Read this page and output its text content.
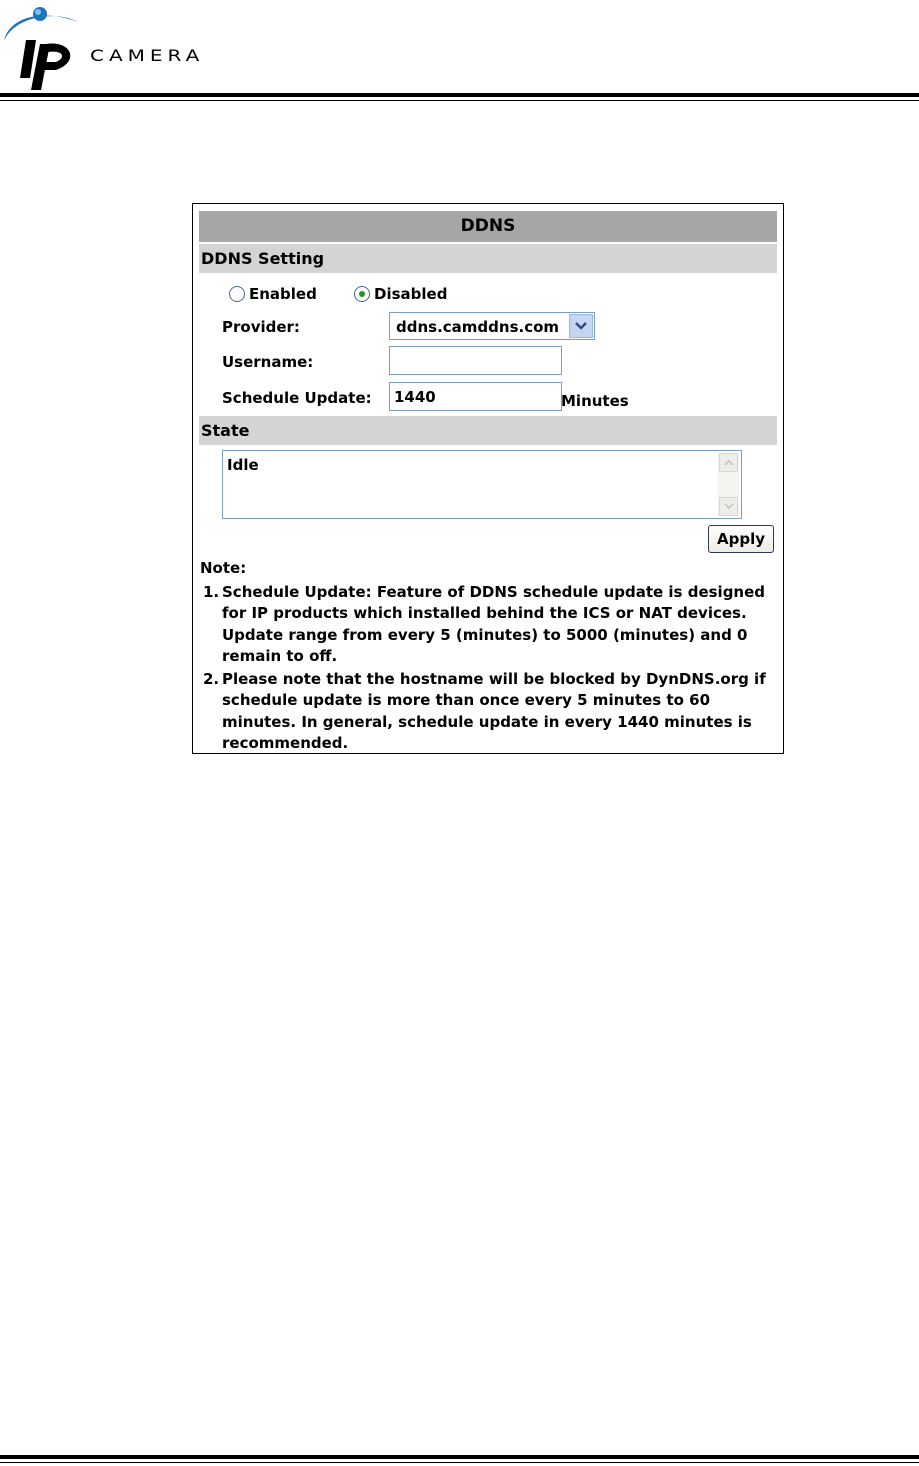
CAMERA
DDNS
DDNS Setting
Enabled	Disabled
Provider:	ddns.camddns.com
Username:
Schedule Update: 1440	Minutes
State
Idle
Apply
Note:
1. Schedule Update: Feature of DDNS schedule update is designed for IP products which installed behind the ICS or NAT devices. Update range from every 5 (minutes) to 5000 (minutes) and 0 remain to off.
2. Please note that the hostname will be blocked by DynDNS.org if schedule update is more than once every 5 minutes to 60 minutes. In general, schedule update in every 1440 minutes is recommended.
